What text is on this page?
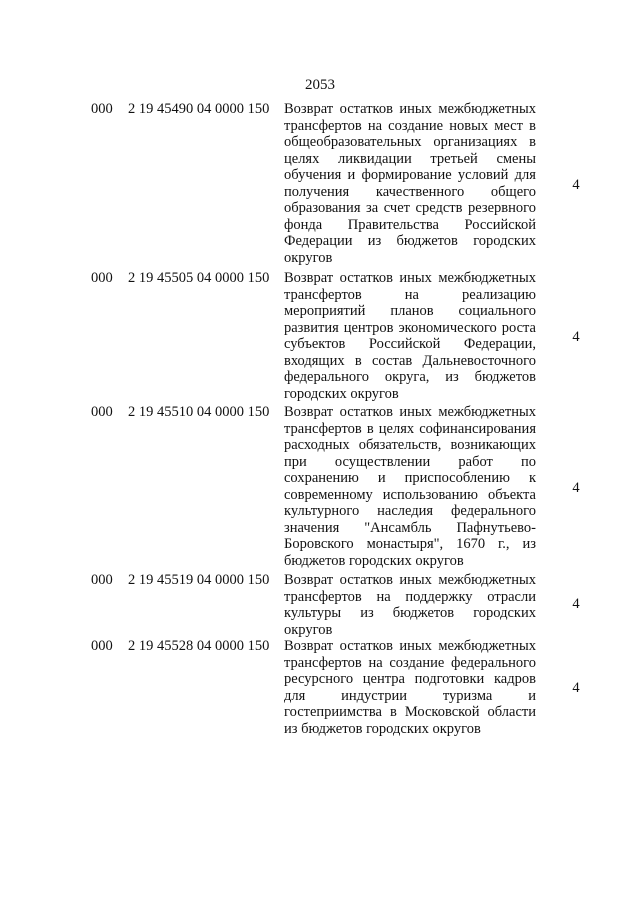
2053
000 2 19 45490 04 0000 150 Возврат остатков иных межбюджетных
трансфертов на создание новых мест в
общеобразовательных организациях в
целях ликвидации третьей смены
обучения и формирование условий для
получения качественного общего
образования за счет средств резервного
фонда Правительства Российской
Федерации из бюджетов городских
округов
4
000 2 19 45505 04 0000 150 Возврат остатков иных межбюджетных
трансфертов	на	реализацию
мероприятий планов социального
развития центров экономического роста
субъектов Российской Федерации,
входящих в состав Дальневосточного
федерального округа, из бюджетов
городских округов
4
000 2 19 45510 04 0000 150 Возврат остатков иных межбюджетных
трансфертов в целях софинансирования
расходных обязательств, возникающих
при осуществлении работ по
сохранению и приспособлению к
современному использованию объекта
культурного наследия федерального
значения "Ансамбль Пафнутьево-
Боровского монастыря", 1670 г., из
бюджетов городских округов
4
000 2 19 45519 04 0000 150 Возврат остатков иных межбюджетных
трансфертов на поддержку отрасли
культуры из бюджетов городских
округов
4
000 2 19 45528 04 0000 150 Возврат остатков иных межбюджетных
трансфертов на создание федерального
ресурсного центра подготовки кадров
для индустрии туризма и
гостеприимства в Московской области
из бюджетов городских округов
4
